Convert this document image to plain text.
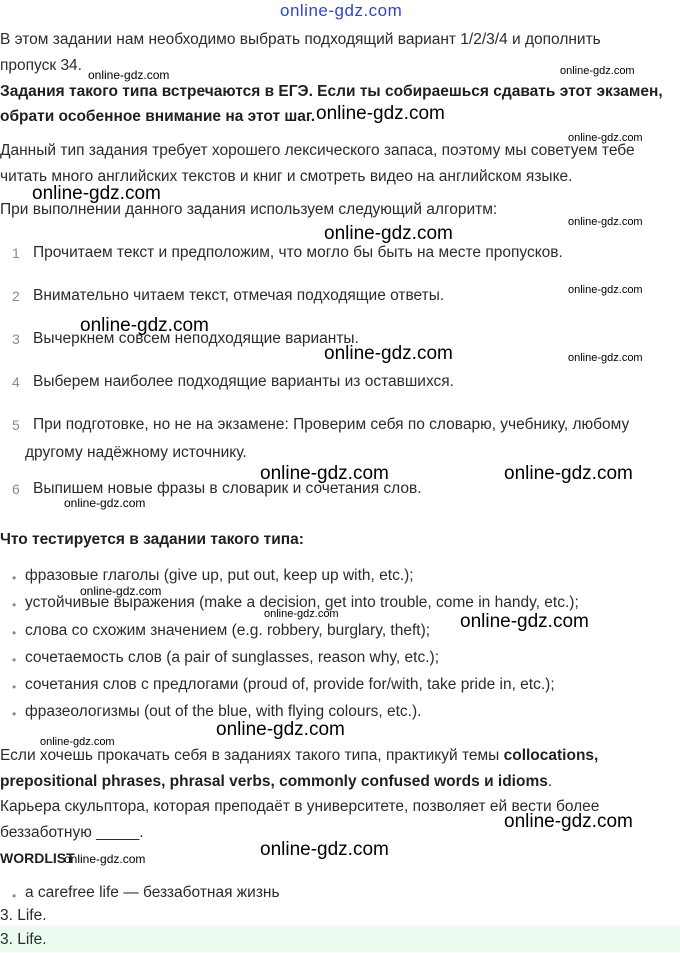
online-gdz.com
В этом задании нам необходимо выбрать подходящий вариант 1/2/3/4 и дополнить
пропуск 34.
Задания такого типа встречаются в ЕГЭ. Если ты собираешься сдавать этот экзамен,
обрати особенное внимание на этот шаг.
Данный тип задания требует хорошего лексического запаса, поэтому мы советуем тебе
читать много английских текстов и книг и смотреть видео на английском языке.
При выполнении данного задания используем следующий алгоритм:
1 Прочитаем текст и предположим, что могло бы быть на месте пропусков.
2 Внимательно читаем текст, отмечая подходящие ответы.
3 Вычеркнем совсем неподходящие варианты.
4 Выберем наиболее подходящие варианты из оставшихся.
5 При подготовке, но не на экзамене: Проверим себя по словарю, учебнику, любому
другому надёжному источнику.
6 Выпишем новые фразы в словарик и сочетания слов.
Что тестируется в задании такого типа:
• фразовые глаголы (give up, put out, keep up with, etc.);
• устойчивые выражения (make a decision, get into trouble, come in handy, etc.);
• слова со схожим значением (e.g. robbery, burglary, theft);
• сочетаемость слов (a pair of sunglasses, reason why, etc.);
• сочетания слов с предлогами (proud of, provide for/with, take pride in, etc.);
• фразеологизмы (out of the blue, with flying colours, etc.).
Если хочешь прокачать себя в заданиях такого типа, практикуй темы collocations,
prepositional phrases, phrasal verbs, commonly confused words и idioms.
Карьера скульптора, которая преподаёт в университете, позволяет ей вести более
беззаботную _____.
WORDLIST
• a carefree life — беззаботная жизнь
3. Life.
3. Life.
online-gdz.com	online-gdz.com
online-gdz.com
online-gdz.com
online-gdz.com
online-gdz.com
online-gdz.com
online-gdz.com
online-gdz.com
online-gdz.com	online-gdz.com
online-gdz.com	online-gdz.com
online-gdz.com
online-gdz.com
online-gdz.com	online-gdz.com
online-gdz.com
online-gdz.com
online-gdz.com
online-gdz.com
online-gdz.com
